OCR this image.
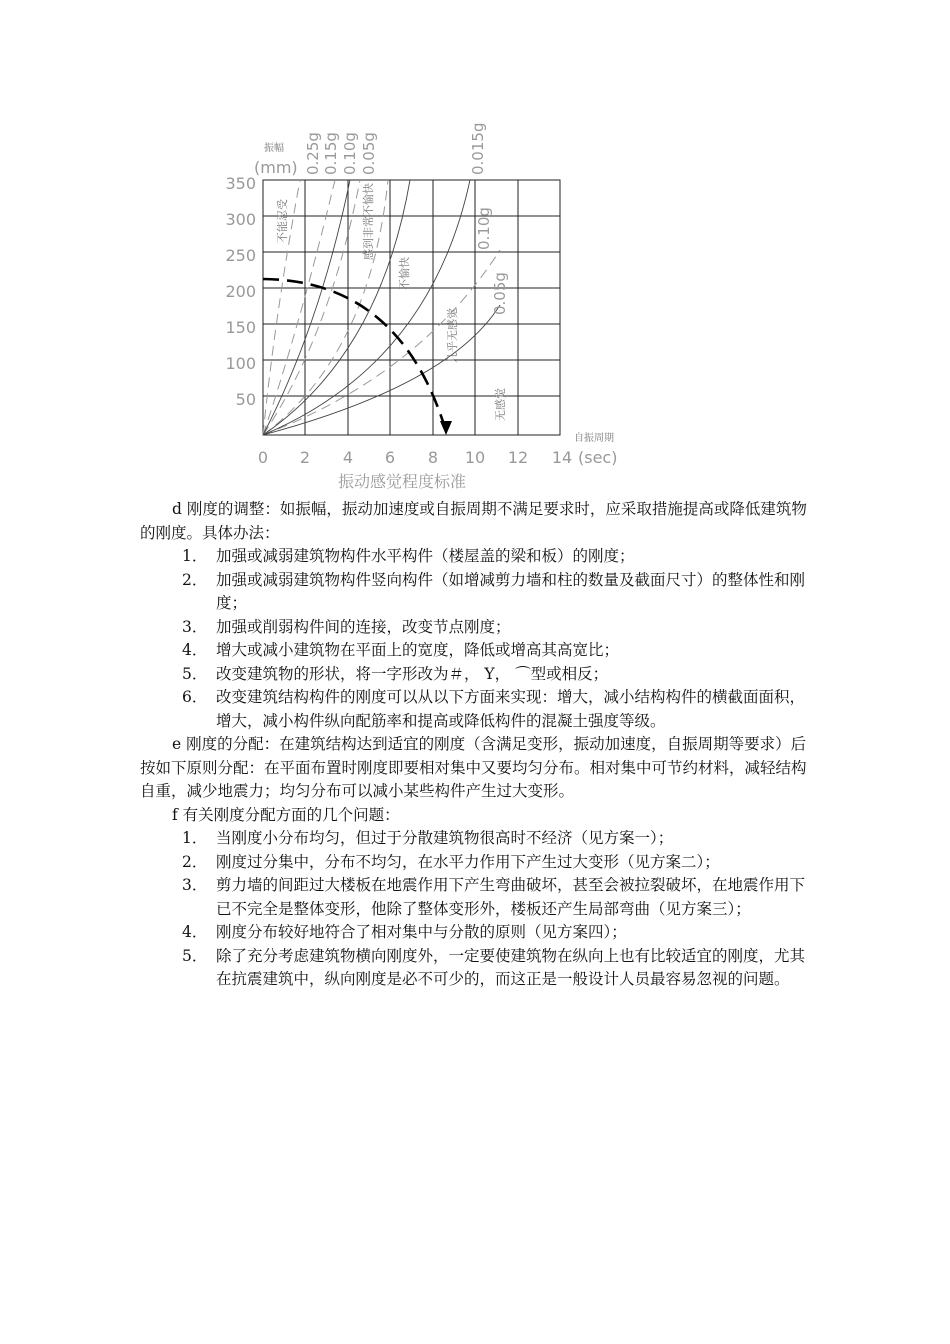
振幅
(mm)
50
100
150
200
250
300
350
自振周期
0 2 4 6 8 10 12 14 (sec)
振动感觉程度标准
0.25g 0.15g 0.10g 0.05g	0.015g
0.10g
0.05g
不能忍受	感到非常不愉快
不愉快
几乎无感觉
无感觉

d 刚度的调整：如振幅，振动加速度或自振周期不满足要求时，应采取措施提高或降低建筑物的刚度。具体办法：

1． 加强或减弱建筑物构件水平构件（楼屋盖的梁和板）的刚度；

2． 加强或减弱建筑物构件竖向构件（如增减剪力墙和柱的数量及截面尺寸）的整体性和刚度；

3． 加强或削弱构件间的连接，改变节点刚度；

4． 增大或减小建筑物在平面上的宽度，降低或增高其高宽比；

5． 改变建筑物的形状，将一字形改为＃， Y， ⌒型或相反；

6． 改变建筑结构构件的刚度可以从以下方面来实现：增大，减小结构构件的横截面面积，增大，减小构件纵向配筋率和提高或降低构件的混凝土强度等级。

e 刚度的分配：在建筑结构达到适宜的刚度（含满足变形，振动加速度，自振周期等要求）后按如下原则分配：在平面布置时刚度即要相对集中又要均匀分布。相对集中可节约材料，减轻结构自重，减少地震力；均匀分布可以减小某些构件产生过大变形。

f 有关刚度分配方面的几个问题：

1． 当刚度小分布均匀，但过于分散建筑物很高时不经济（见方案一）；

2． 刚度过分集中，分布不均匀，在水平力作用下产生过大变形（见方案二）；

3． 剪力墙的间距过大楼板在地震作用下产生弯曲破坏，甚至会被拉裂破坏，在地震作用下已不完全是整体变形，他除了整体变形外，楼板还产生局部弯曲（见方案三）；

4． 刚度分布较好地符合了相对集中与分散的原则（见方案四）；

5． 除了充分考虑建筑物横向刚度外，一定要使建筑物在纵向上也有比较适宜的刚度，尤其在抗震建筑中，纵向刚度是必不可少的，而这正是一般设计人员最容易忽视的问题。
